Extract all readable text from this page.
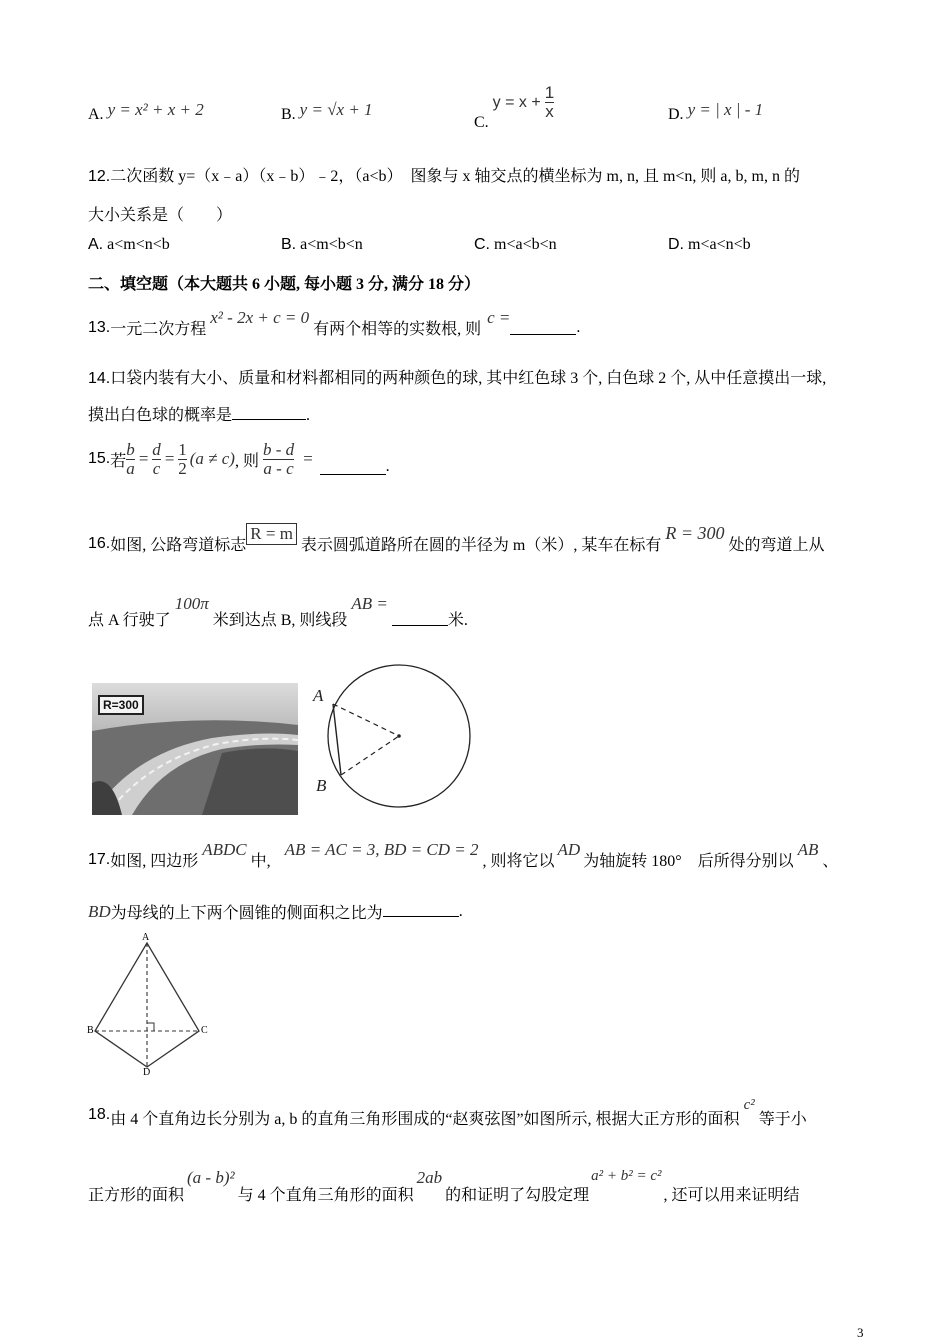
A. y = x² + x + 2	B. y = √x + 1
C.
$y = x + \frac{1}{x}$	D. y = | x | - 1
12.二次函数 y=（x﹣a）（x﹣b）﹣2，（a<b）　图象与 x 轴交点的横坐标为 m, n, 且 m<n, 则 a, b, m, n 的
大小关系是（　　）
A. a<m<n<b	B. a<m<b<n	C. m<a<b<n	D. m<a<n<b
二、填空题（本大题共 6 小题, 每小题 3 分, 满分 18 分）
13. 一元二次方程
x² - 2x + c = 0
有两个相等的实数根, 则
c =
.
14.口袋内装有大小、质量和材料都相同的两种颜色的球, 其中红色球 3 个, 白色球 2 个, 从中任意摸出一球,
摸出白色球的概率是	.
15. 若 $\frac{b}{a} = \frac{d}{c} = \frac{1}{2} (a \ne c)$ , 则 $\frac{b - d}{a - c}$ =	.
16. 如图, 公路弯道标志
R = m
表示圆弧道路所在圆的半径为 m（米）, 某车在标有
R = 300
处的弯道上从
点 A 行驶了
100π
米到达点 B, 则线段
AB =
米.
R=300	A
B
17. 如图, 四边形
ABDC
中,
AB = AC = 3, BD = CD = 2
, 则将它以
AD
为轴旋转 180°　后所得分别以
AB
、
BD 为母线的上下两个圆锥的侧面积之比为	.
A
B	C
D
18. 由 4 个直角边长分别为 a, b 的直角三角形围成的“赵爽弦图”如图所示, 根据大正方形的面积
c²
等于小
正方形的面积
(a - b)²
与 4 个直角三角形的面积
2ab
的和证明了勾股定理
a² + b² = c²
, 还可以用来证明结
3
